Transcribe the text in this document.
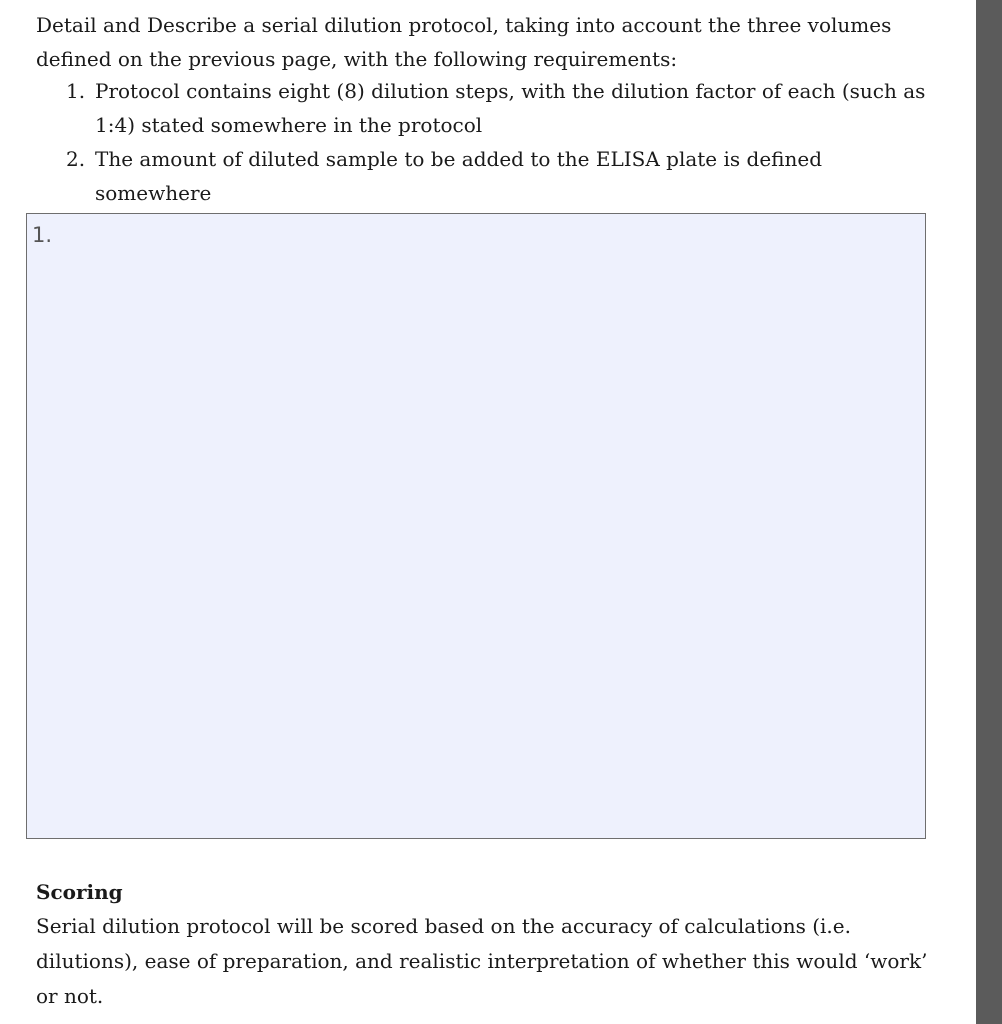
Detail and Describe a serial dilution protocol, taking into account the three volumes defined on the previous page, with the following requirements:

1. Protocol contains eight (8) dilution steps, with the dilution factor of each (such as 1:4) stated somewhere in the protocol
2. The amount of diluted sample to be added to the ELISA plate is defined somewhere
1.
Scoring

Serial dilution protocol will be scored based on the accuracy of calculations (i.e. dilutions), ease of preparation, and realistic interpretation of whether this would ‘work’ or not.
